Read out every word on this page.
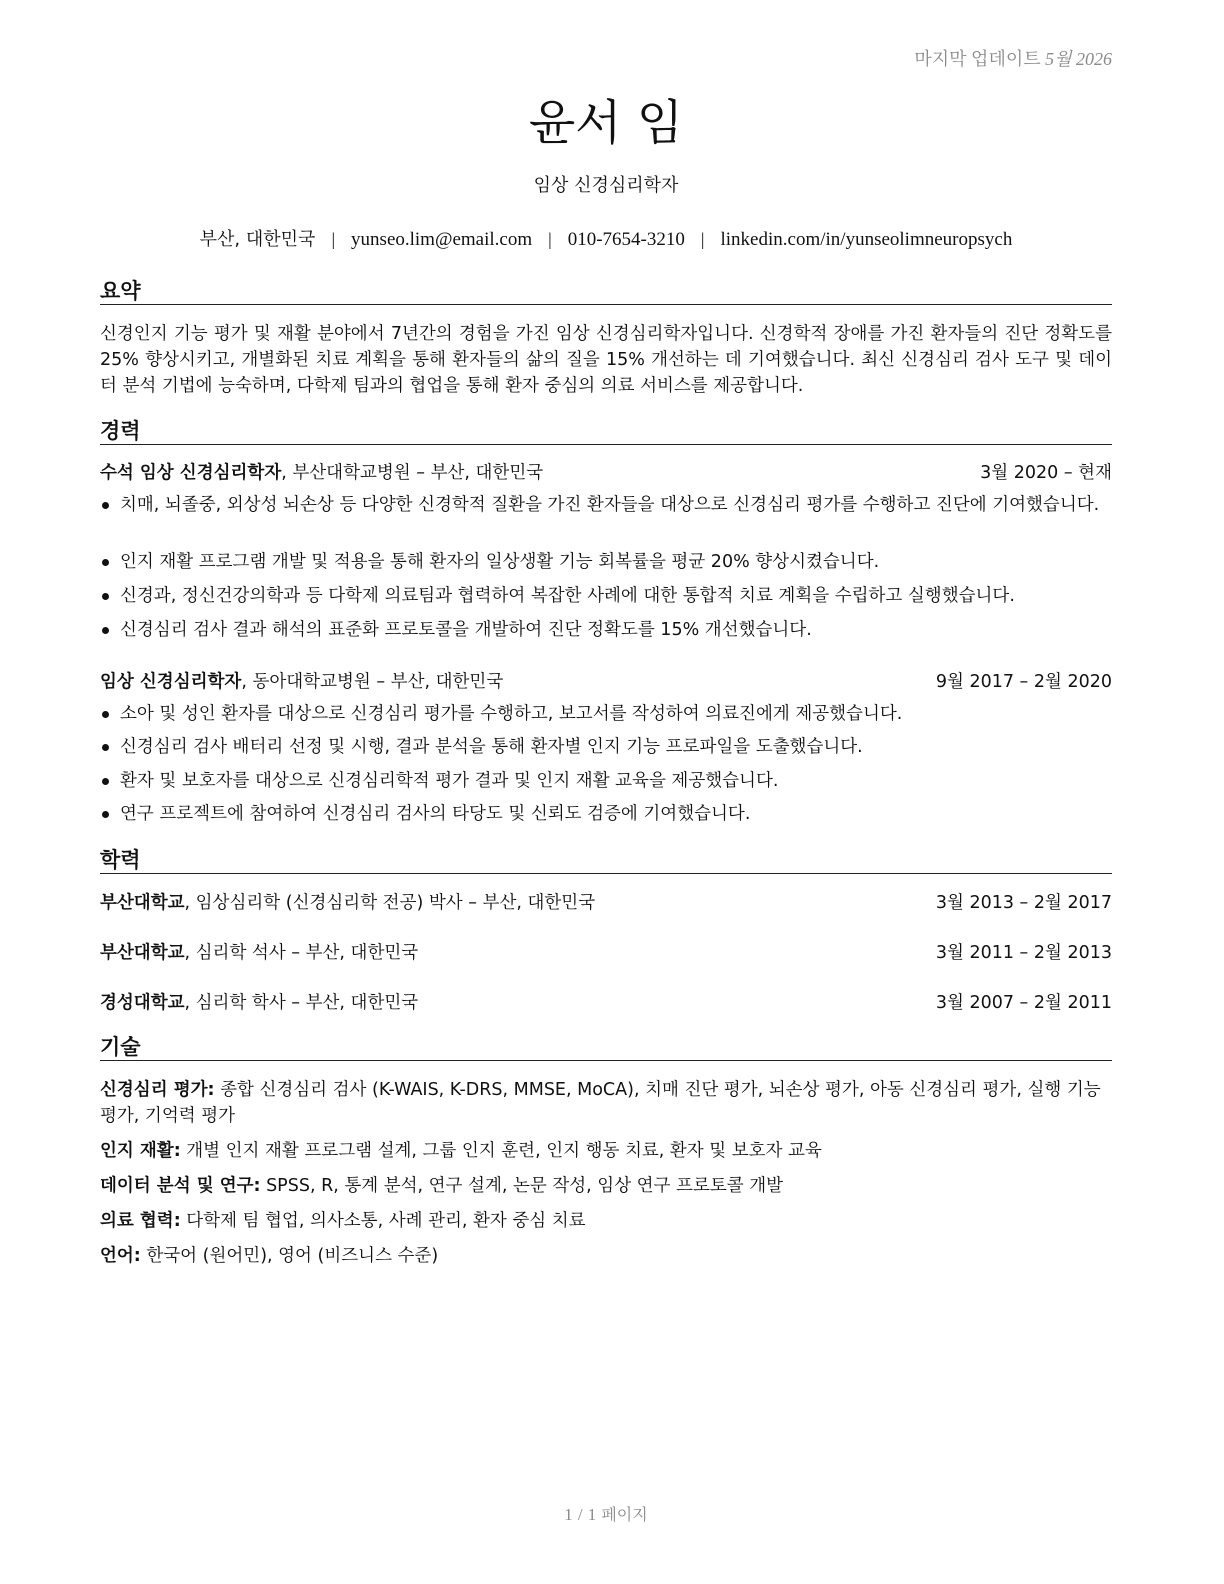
마지막 업데이트 5월 2026
윤서 임
임상 신경심리학자
부산, 대한민국 | yunseo.lim@email.com | 010-7654-3210 | linkedin.com/in/yunseolimneuropsych
요약
신경인지 기능 평가 및 재활 분야에서 7년간의 경험을 가진 임상 신경심리학자입니다. 신경학적 장애를 가진 환자들의 진단 정확도를 25% 향상시키고, 개별화된 치료 계획을 통해 환자들의 삶의 질을 15% 개선하는 데 기여했습니다. 최신 신경심리 검사 도구 및 데이터 분석 기법에 능숙하며, 다학제 팀과의 협업을 통해 환자 중심의 의료 서비스를 제공합니다.
경력
수석 임상 신경심리학자, 부산대학교병원 – 부산, 대한민국	3월 2020 – 현재
치매, 뇌졸중, 외상성 뇌손상 등 다양한 신경학적 질환을 가진 환자들을 대상으로 신경심리 평가를 수행하고 진단에 기여했습니다.
인지 재활 프로그램 개발 및 적용을 통해 환자의 일상생활 기능 회복률을 평균 20% 향상시켰습니다.
신경과, 정신건강의학과 등 다학제 의료팀과 협력하여 복잡한 사례에 대한 통합적 치료 계획을 수립하고 실행했습니다.
신경심리 검사 결과 해석의 표준화 프로토콜을 개발하여 진단 정확도를 15% 개선했습니다.
임상 신경심리학자, 동아대학교병원 – 부산, 대한민국	9월 2017 – 2월 2020
소아 및 성인 환자를 대상으로 신경심리 평가를 수행하고, 보고서를 작성하여 의료진에게 제공했습니다.
신경심리 검사 배터리 선정 및 시행, 결과 분석을 통해 환자별 인지 기능 프로파일을 도출했습니다.
환자 및 보호자를 대상으로 신경심리학적 평가 결과 및 인지 재활 교육을 제공했습니다.
연구 프로젝트에 참여하여 신경심리 검사의 타당도 및 신뢰도 검증에 기여했습니다.
학력
부산대학교, 임상심리학 (신경심리학 전공) 박사 – 부산, 대한민국	3월 2013 – 2월 2017
부산대학교, 심리학 석사 – 부산, 대한민국	3월 2011 – 2월 2013
경성대학교, 심리학 학사 – 부산, 대한민국	3월 2007 – 2월 2011
기술
신경심리 평가: 종합 신경심리 검사 (K-WAIS, K-DRS, MMSE, MoCA), 치매 진단 평가, 뇌손상 평가, 아동 신경심리 평가, 실행 기능 평가, 기억력 평가
인지 재활: 개별 인지 재활 프로그램 설계, 그룹 인지 훈련, 인지 행동 치료, 환자 및 보호자 교육
데이터 분석 및 연구: SPSS, R, 통계 분석, 연구 설계, 논문 작성, 임상 연구 프로토콜 개발
의료 협력: 다학제 팀 협업, 의사소통, 사례 관리, 환자 중심 치료
언어: 한국어 (원어민), 영어 (비즈니스 수준)
1 / 1 페이지
